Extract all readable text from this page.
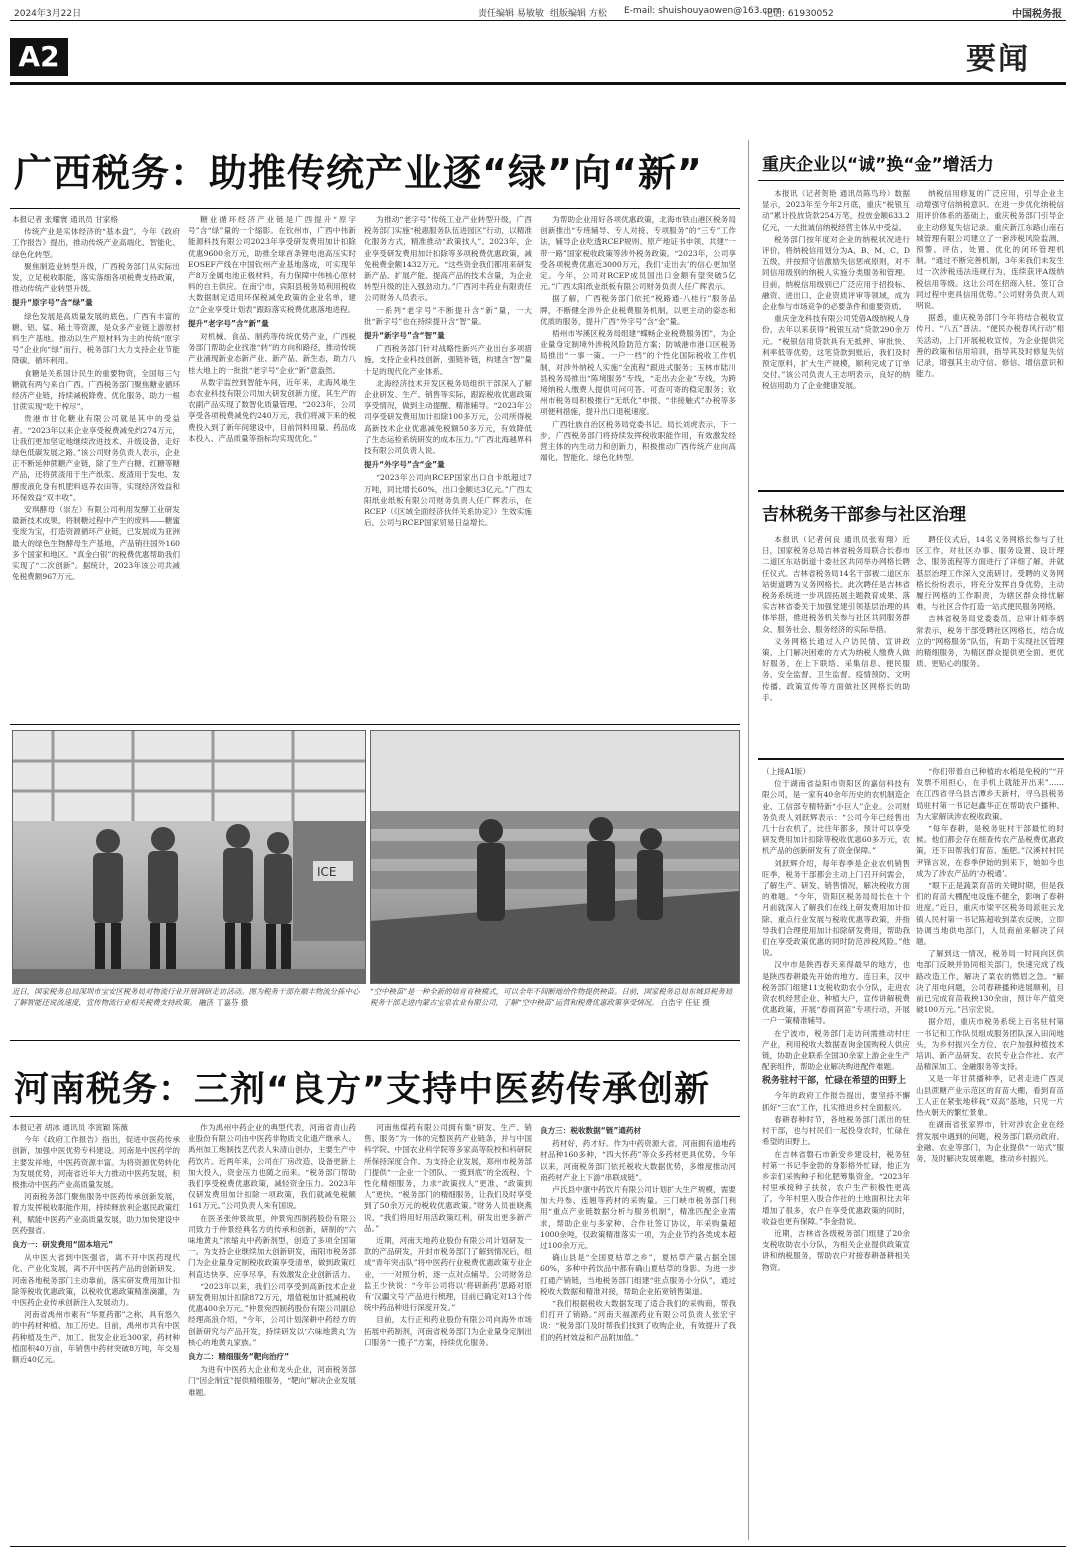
2024年3月22日	责任编辑 易敏敏 组版编辑 方松 E-mail: shuishouyaowen@163.com
电话: 61930052	中国税务报
A2	要闻
广西税务：助推传统产业逐“绿”向“新”

本报记者 张耀寰 通讯员 甘家格

传统产业是实体经济的“基本盘”。今年《政府工作报告》提出，推动传统产业高端化、智能化、绿色化转型。

聚焦制造业转型升级，广西税务部门从实际出发，立足税收职能，落实落细各项税费支持政策，推动传统产业转型升级。

提升“原字号”含“绿”量

绿色发展是高质量发展的底色。广西有丰富的糖、铝、锰、稀土等资源，是众多产业链上游原材料生产基地。推动以生产原材料为主的传统“原字号”企业向“绿”而行，税务部门大力支持企业节能降碳、循环利用。

食糖是关系国计民生的重要物资，全国每三勺糖就有两勺来自广西。广西税务部门聚焦糖业循环经济产业链，持续减税降费、优化服务，助力一根甘蔗实现“吃干榨尽”。

贵港市甘化糖业有限公司就是其中的受益者。“2023年以来企业享受税费减免约274万元，让我们更加坚定地继续改进技术、升级设备，走好绿色低碳发展之路。”该公司财务负责人表示，企业正不断延伸蔗糖产业链，除了生产白糖、红糖等糖产品，还将蔗渣用于生产纸浆、废渣用于发电、发酵废液化身有机肥料返养农田等，实现经济效益和环保效益“双丰收”。

安琪酵母（崇左）有限公司利用发酵工业研发最新技术成果，将制糖过程中产生的废料——糖蜜变废为宝，打造资源循环产业链，已发展成为亚洲最大的绿色生物酵母生产基地，产品销往国外160多个国家和地区。“真金白银”的税费优惠帮助我们实现了“二次创新”。据统计，2023年该公司共减免税费额967万元。

糖业循环经济产业链是广西提升“原字号”含“绿”量的一个缩影。在钦州市，广西中伟新能源科技有限公司2023年享受研发费用加计扣除优惠9600余万元，助推全球首条锂电池高压实时EOSEF产线在中国钦州产业基地落成，可实现年产8万金属电池正极材料，有力保障中伟核心原材料的自主供应。在南宁市，宾阳县税务局利用税收大数据制定适用环保税减免政策的企业名单，建立“企业享受计划表”跟踪落实税费优惠落地进程。

提升“老字号”含“新”量

对机械、食品、制药等传统优势产业，广西税务部门帮助企业找准“转”的方向和路径，推动传统产业涌现新业态新产业、新产品、新生态，助力八桂大地上的一批批“老字号”企业“新”意盎然。

从数字监控到智能车间，近年来，北海风巢生态农业科技有限公司加大研发创新力度，其生产的农副产品实现了数智化质量管理。“2023年，公司享受各项税费减免约240万元，我们将减下来的税费投入到了新年间建设中，目前饲料用量、药品成本投入、产品质量等指标均实现优化。”

为推动“老字号”传统工业产业转型升级，广西税务部门实施“税惠服务队伍进园区”行动，以精准化服务方式，精准推动“政策找人”。2023年，企业享受研发费用加计扣除等多项税费优惠政策，减免税费金额1432万元。“这些资金我们都用来研发新产品、扩展产能、提高产品的技术含量，为企业转型升级的注入强劲动力。”广西河丰药业有限责任公司财务人员表示。

一系列“老字号”不断提升含“新”量，一大批“新字号”也在持续提升含“智”量。

提升“新字号”含“智”量

广西税务部门针对战略性新兴产业出台多项措施，支持企业科技创新，强链补链，构建含“智”量十足的现代化产业体系。

北海经济技术开发区税务局组织干部深入了解企业研发、生产、销售等实际，跟踪税收优惠政策享受情况，做到主动提醒、精准辅导。“2023年公司享受研发费用加计扣除100多万元，公司所得税高新技术企业优惠减免税额50多万元，有效降低了生态运检系统研发的成本压力。”广西北海越界科技有限公司负责人说。

提升“外字号”含“金”量

“2023年公司向RCEP国家出口自卡纸超过7万吨，同比增长60%，出口金额达3亿元。”广西太阳纸业纸板有限公司财务负责人任广辉表示，在RCEP（《区域全面经济伙伴关系协定》）生效实施后，公司与RCEP国家贸易日益增长。

为帮助企业用好各项优惠政策，北海市铁山港区税务局创新推出“专班辅导、专人对接、专项服务”的“三专”工作法，辅导企业吃透RCEP规则、原产地证书申领、共建“一带一路”国家税收政策等涉外税务政策。“2023年，公司享受各项税费优惠近3000万元，我们‘走出去’的信心更加坚定。今年，公司对RCEP成员国出口金额有望突破5亿元。”广西太阳纸业纸板有限公司财务负责人任广辉表示。

据了解，广西税务部门依托“税路通·八桂行”服务品牌，不断健全涉外企业税费服务机制，以更主动的姿态和优质的服务，提升广西“外字号”含“金”量。

梧州市岑溪区税务局组建“蝶畅企业税费服务团”，为企业量身定制境外涉税风险防范方案；防城港市港口区税务局推出“一事一策、一户一档”的个性化国际税收工作机制，对涉外纳税人实施“全流程”跟进式服务；玉林市陆川县税务局推出“陈境服务”专线，“走出去企业”专线，为跨境纳税人缴费人提供可问可答、可查可寄的稳定服务；钦州市税务局积极推行“无纸化”申报、“非接触式”办税等多项便利措施，提升出口退税速度。

广西壮族自治区税务局党委书记、局长刘虎表示，下一步，广西税务部门将持续发挥税收职能作用，有效激发经营主体的内生动力和创新力，积极推动广西传统产业向高端化、智能化、绿色化转型。

重庆企业以“诚”换“金”增活力

本报讯（记者贺艳 通讯员陈鸟玲）数据显示，2023年至今年2月底，重庆“税银互动”累计投放贷款254万笔，投放金额633.2亿元，一大批诚信纳税经营主体从中受益。

税务部门按年度对企业的纳税状况进行评价，将纳税信用划分为A、B、M、C、D五级，并按照守信激励失信惩戒原则，对不同信用级别的纳税人实施分类服务和管理。目前，纳税信用级别已广泛应用于招投标、融资、进出口、企业资质评审等领域，成为企业参与市场竞争的必要条件和重要资质。

重庆金龙科技有限公司凭借A级纳税人身份，去年以来获得“税银互动”贷款290余万元。“税银信用贷款具有无抵押、审批快、利率低等优势，这笔贷款到账后，我们及时预定原料，扩大生产规模，顺利完成了订单交付。”该公司负责人王志明表示，良好的纳税信用助力了企业健康发展。

纳税信用修复的广泛应用，引导企业主动增强守信纳税意识。在进一步优化纳税信用评价体系的基础上，重庆税务部门引导企业主动修复失信记录。重庆新江东路山南石城管理有限公司建立了一套涉税风险监测、预警、评估、处置、优化的闭环管理机制。“通过不断完善机制，3年来我们未发生过一次涉税违法违规行为，连续获评A级纳税信用等级。这让公司在招商入驻、签订合同过程中更具信用优势。”公司财务负责人刘明说。

据悉，重庆税务部门今年将结合税收宣传月、“八五”普法、“便民办税春风行动”相关活动，上门开展税收宣传，为企业提供完善的政策和信用培训，指导其及时修复失信记录，增强其主动守信、修信、增信意识和能力。

吉林税务干部参与社区治理

本报讯（记者何良 通讯员张宥翔）近日，国家税务总局吉林省税务局联合长春市二道区东站街道十委社区共同举办网格长聘任仪式。吉林省税务局14名干部被二道区东站街道聘为义务网格长。此次聘任是吉林省税务系统进一步巩固拓展主题教育成果、落实吉林省委关于加强党建引领基层治理的具体举措，推进税务机关参与社区共同服务群众、服务社会、服务经济的实际举措。

义务网格长通过入户访民情、宣讲政策、上门解决困难的方式为纳税人缴费人做好服务，在上下联络、采集信息、便民服务、安全监督、卫生监督、疫情预防、文明传播、政策宣传等方面做社区网格长的助手。

聘任仪式后，14名义务网格长参与了社区工作，对社区办事、服务设置、设计理念、服务流程等方面进行了详细了解，并就基层治理工作深入交流研讨。受聘的义务网格长纷纷表示，将充分发挥自身优势，主动履行网格的工作职责，为辖区群众排忧解难，与社区合作打造一站式便民服务网格。

吉林省税务局党委委员、总审计师李炳常表示，税务干部受聘社区网格长，结合成立的“网格服务”队伍，有助于实现社区管理的精细服务，为精区群众提供更全面、更优质、更贴心的服务。

ICE
近日，国家税务总局深圳市宝安区税务局对物流行业开展调研走访活动。图为税务干部在顺丰物流分拣中心了解智能还说流速度，宣传物流行业相关税费支持政策。 融济 丁嘉芬 摄
“空中秧苗”是一种全新的培育育秧模式，可以全年不间断地给作物提供秧苗。日前，国家税务总局东城县税务局税务干部走进内蒙古宝泉农业有限公司，了解“空中秧苗”运营和税费优惠政策享受情况。 白浩宇 任征 摄
河南税务：三剂“良方”支持中医药传承创新

本报记者 胡冰 通讯员 李寅颖 陈薇

今年《政府工作报告》指出，促进中医药传承创新，加强中医优势专科建设。河南是中医药学的主要发祥地，中医药资源丰富。为将资源优势转化为发展优势，河南省近年大力推动中医药发展，积极推动中医药产业高质量发展。

河南税务部门聚焦服务中医药传承创新发展，着力发挥税收职能作用，持续释放利企惠民政策红利，赋能中医药产业高质量发展，助力加快建设中医药强省。

良方一：研发费用“固本培元”

从中医大省到中医强省，离不开中医药现代化、产业化发展，离不开中医药产品的创新研发。河南各地税务部门主动靠前，落实研发费用加计扣除等税收优惠政策，以税收优惠政策精准滴灌，为中医药企业传承创新注入发展动力。

河南省禹州市素有“华夏药都”之称，具有悠久的中药材种植、加工历史。目前，禹州市共有中医药种植及生产、加工、批发企业近300家，药材种植面积40万亩，年销售中药材突破8万吨，年交易额近40亿元。

作为禹州中药企业的典型代表，河南省青山药业股份有限公司由中医药非物质文化遗产继承人、禹州加工炮制技艺代表人朱清山创办，主要生产中药饮片。近两年来，公司在厂房改造、设备更新上加大投入，资金压力也随之而来。“税务部门帮助我们享受税费优惠政策，减轻资金压力。2023年仅研发费用加计扣除一项政策，我们就减免税额161万元。”公司负责人朱有国说。

在医圣张仲景故里，仲景宛西制药股份有限公司致力于仲景经典名方的传承和创新，研制的“六味地黄丸”浓缩丸中药新剂型，创造了多项全国第一。为支持企业继续加大创新研发，南阳市税务部门为企业量身定制税收政策享受清单，做到政策红利直达快享、应享尽享，有效激发企业创新活力。

“2023年以来，我们公司享受到高新技术企业研发费用加计扣除872万元，增值税加计抵减税收优惠400余万元。”仲景宛西制药股份有限公司副总经理高浪介绍，“今年，公司计划深耕中药经方的创新研究与产品开发，持续研发以‘六味地黄丸’为核心的地黄丸家族。”

良方二：精细服务“靶向治疗”

为进有中医药大企业和龙头企业，河南税务部门“因企制宜”提供精细服务，“靶向”解决企业发展难题。

河南焦煤药有限公司拥有集“研发、生产、销售、服务”为一体的完整医药产业链条，并与中国科学院、中国农业科学院等多家高等院校和科研院所保持深度合作。为支持企业发展，郑州市税务部门提供“一企业一个团队、一揽到底”的全流程、个性化精细服务，力求“政策找人”更准、“政策到人”更快。“税务部门的精细服务，让我们及时享受到了50余万元的税收优惠政策。”财务人员崔晓燕说，“我们将用好用活政策红利，研发出更多新产品。”

近期，河南天地药业股份有限公司计划研发一款的产品研发，开封市税务部门了解到情况后，组成“青年突击队”将中医药行业税费优惠政策专业企业，一一对照分析，逐一点对点辅导。公司财务总监王少侠说：“今年公司将以‘将研新药’思路对原有‘汉疆文号’产品进行梳理，目前已确定对13个传统中药品种进行深度开发。”

目前，太行正和药业股份有限公司向海外市场拓展中药制剂，河南省税务部门为企业量身定制出口服务“一揽子”方案，持续优化服务。

良方三：税收数据“链”通药材

药材好，药才好。作为中药资源大省，河南拥有道地药材品种160多种，“四大怀药”等众多药材更具优势。今年以来，河南税务部门依托税收大数据优势，多维度推动河南药材产业上下游“串联成链”。

卢氏县中康中药饮片有限公司计划扩大生产规模，需要加大丹参、连翘等药材的采购量。三门峡市税务部门利用“重点产业链数据分析与服务机制”，精准匹配企业需求，帮助企业与多家种、合作社签订协议，年采购量超1000余吨，仅政策精准落实一项，为企业节约各类成本超过100余万元。

确山县是“全国夏枯草之乡”，夏枯草产量占据全国60%，多种中药饮品中都有确山夏枯草的身影。为进一步打通产销链，当地税务部门组建“驻点服务小分队”，通过税收大数据和精准对接，帮助企业拓宽销售渠道。

“我们根据税收大数据发现了适合我们的采购商，帮我们打开了销路。”河南天福源药业有限公司负责人张宏宇说：“税务部门及时帮我们找到了收购企业，有效提升了我们的药材效益和产品附加值。”

（上接A1版）

位于湖南省益阳市资阳区的嘉信科技有限公司，是一家有40余年历史的农机制造企业、工信部专精特新“小巨人”企业。公司财务负责人刘跃辉表示：“公司今年已经售出几十台农机了，比往年都多，预计可以享受研发费用加计扣除等税收优惠60多万元，农机产品的创新研发有了资金保障。”

刘跃辉介绍，每年春季是企业农机销售旺季，税务干部都会主动上门召开问需会，了解生产、研发、销售情况，解决税收方面的难题。“今年，资阳区税务局局长在十个月前就深入了解我们在线上研发费用加计扣除、重点行业发展与税收优惠等政策，并指导我们合理使用加计扣除研发费用，帮助我们在享受政策优惠的同时防范涉税风险。”他说。

汉中市是陕西春天来得最早的地方，也是陕西春耕最先开始的地方。连日来，汉中税务部门组建11支税收助农小分队，走进农资农机经营企业、种植大户，宣传讲解税费优惠政策，开展“春雨润苗”专项行动，开展一户一策精准辅导。

在宁波市，税务部门走访问需推动村庄产业，利用税收大数据查询金国购税人供应链，协助企业联系全国30余家上游企业生产配套组件，帮助企业解决购进配件难题。

税务驻村干部，忙碌在希望的田野上

今年的政府工作报告提出，要坚持不懈抓好“三农”工作，扎实推进乡村全面振兴。

春耕春种时节，各地税务部门派出的驻村干部，也与村民们一起投身农时，忙碌在希望的田野上。

在吉林省磐石市新安乡建设村，税务驻村第一书记李金勃的身影格外忙碌，他正为乡亲们采购种子和化肥筹集资金。“2023年村里承接种子扶贫，农户生产积极性更高了，今年村里入股合作社的土地面积比去年增加了很多，农户在享受优惠政策的同时，收益也更有保障。”李金勃说。

近期，吉林省各级税务部门组建了20余支税收助农小分队，为相关企业提供政策宣讲和纳税服务，帮助农户对接春耕备耕相关物资。

“你们带着自己种植的水稻是免税的”“开发票不用担心，在手机上就能开出来”……在江西省寻乌县吉潭乡天新村，寻乌县税务局驻村第一书记赵鑫华正在帮助农户播种、为大家解读涉农税收政策。

“每年春耕，是税务驻村干部最忙的时候。他们都会存在细查传农产品税费优惠政策，还下田帮我们育苗、施肥。”汉溪村村民尹锋言说，在春季伊始的到来下，她如今也成为了涉农产品的‘办税通’。

“眼下正是蔬菜育苗的关键时期，但是我们的育苗大棚配电设施不健全，影响了春耕进度。”近日，重庆市梁平区税务局派驻云龙镇人民村第一书记陈超收到菜农反映，立即协调当地供电部门，人员商前来解决了问题。

了解到这一情况，税务局一时间向区供电部门反映并协同相关部门，快速完成了线路改造工作，解决了菜农的燃眉之急。“解决了用电问题，公司春耕播种进展顺利，目前已完成育苗栽秧130余亩，预计年产值突破100万元。”吕宗宏说。

据介绍，重庆市税务系统上百名驻村第一书记和工作队员组成服务团队深入田间地头，为乡村振兴全方位、农户加强种植技术培训、新产品研发、农民专业合作社、农产品精深加工、金融服务等支持。

又是一年甘蔗播种季，记者走进广西灵山县蔗糖产业示范区的育苗大棚，看到育苗工人正在紧张地移栽“双高”基地，只见一片热火朝天的繁忙景象。

在湖南省张家界市，针对涉农企业在经营发展中遇到的问题，税务部门联动政府、金融、农业等部门，为企业提供“一站式”服务，及时解决发展难题，推动乡村振兴。
